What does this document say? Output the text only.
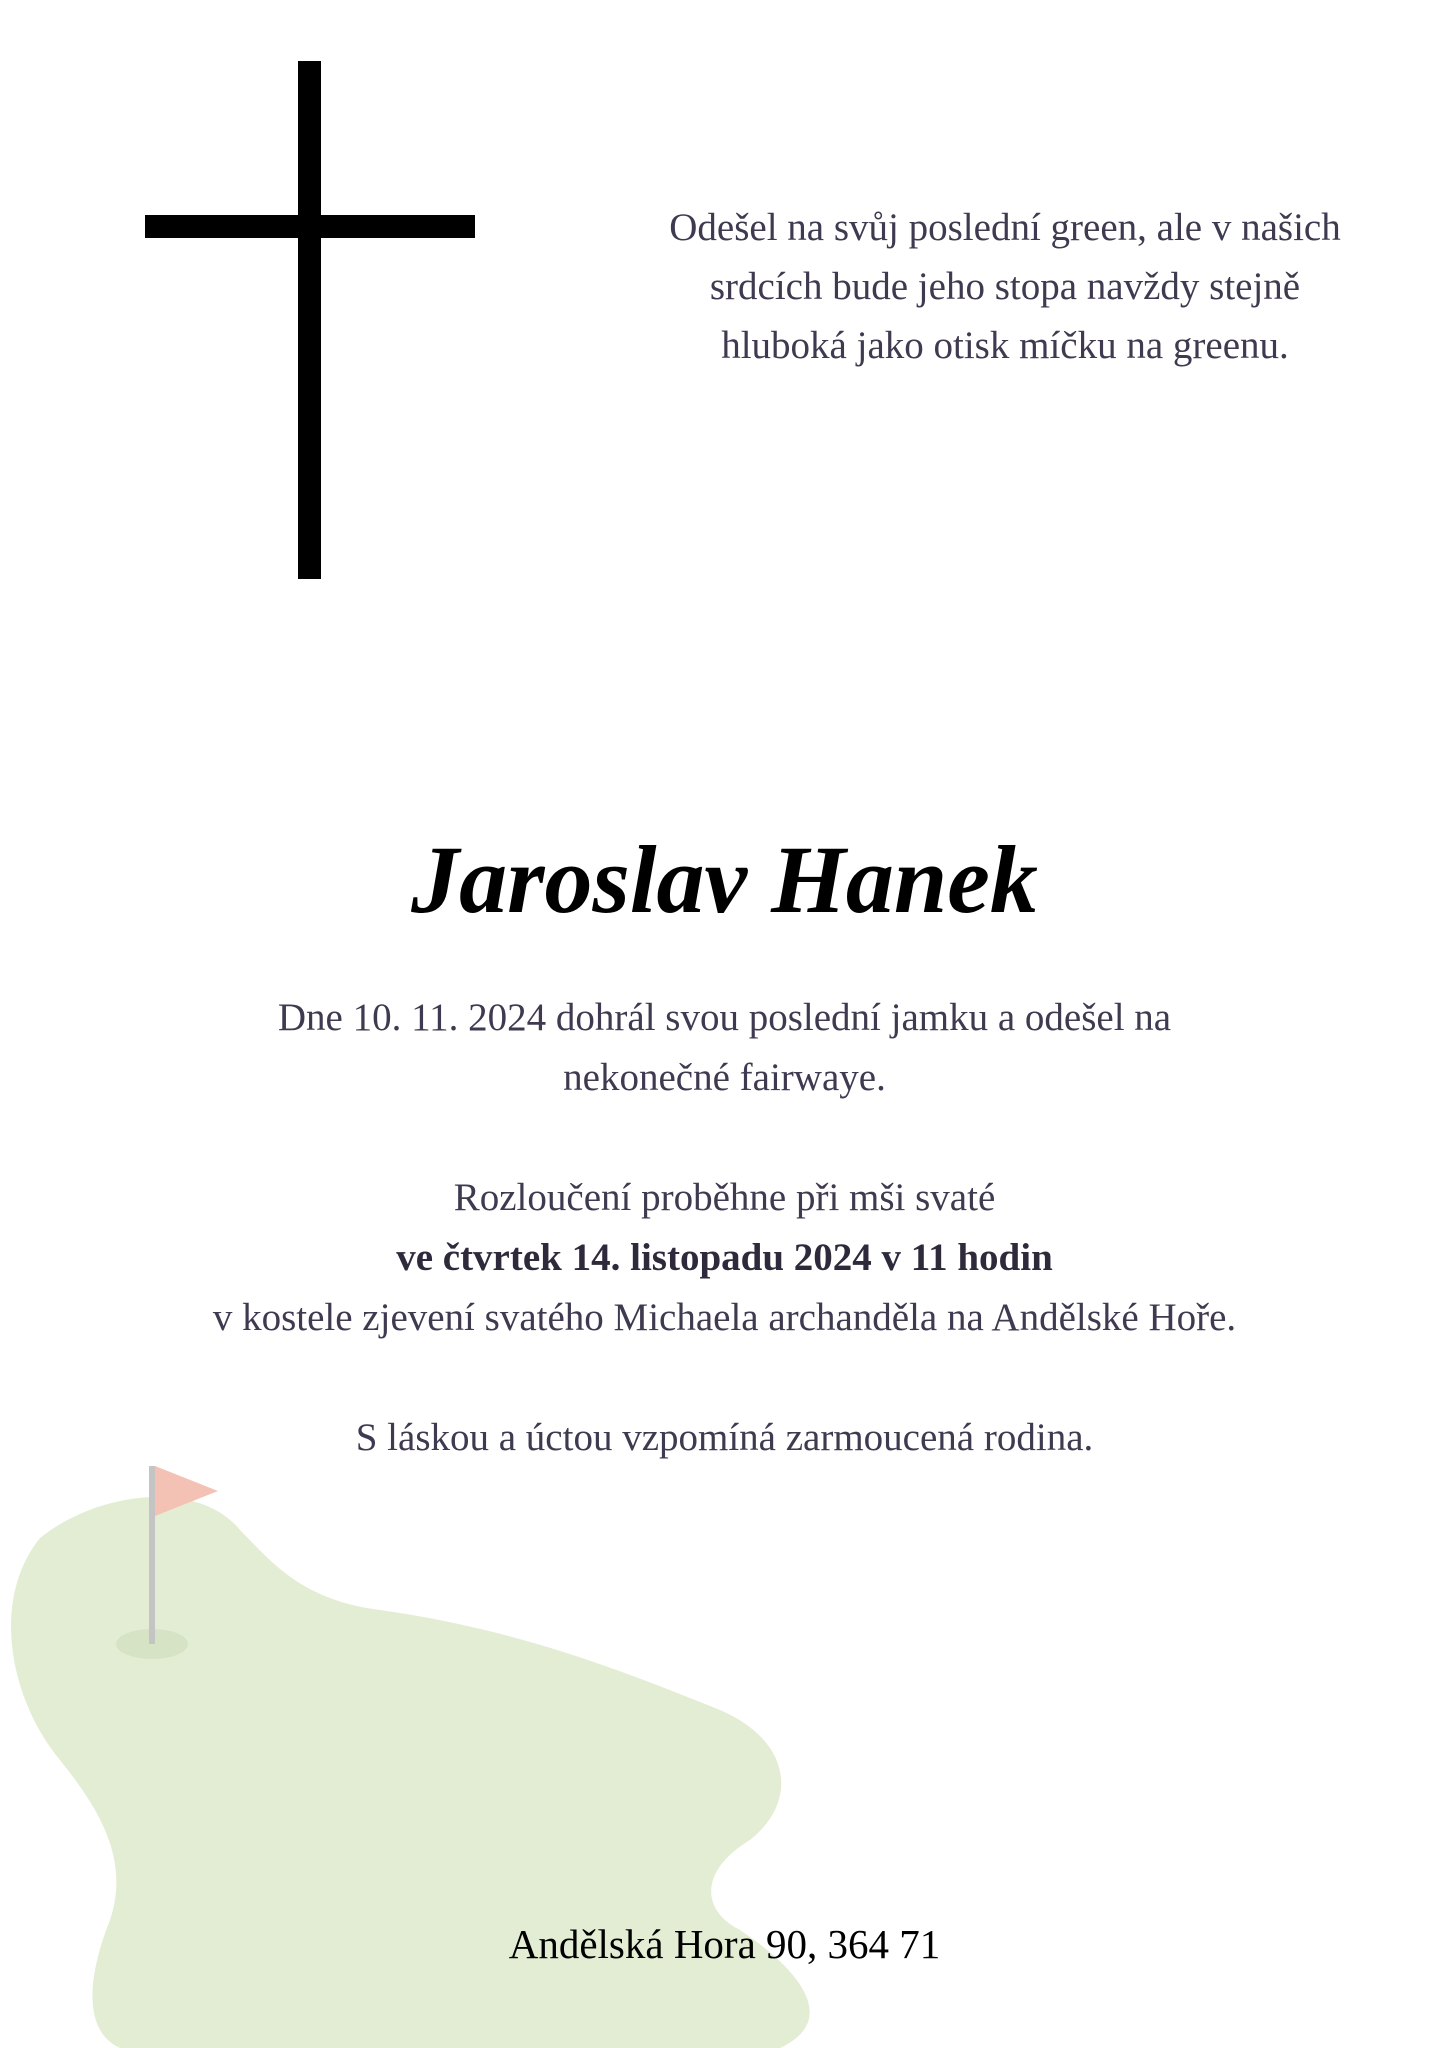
Odešel na svůj poslední green, ale v našich srdcích bude jeho stopa navždy stejně hluboká jako otisk míčku na greenu.

Jaroslav Hanek

Dne 10. 11. 2024 dohrál svou poslední jamku a odešel na

nekonečné fairwaye.

Rozloučení proběhne při mši svaté

ve čtvrtek 14. listopadu 2024 v 11 hodin

v kostele zjevení svatého Michaela archanděla na Andělské Hoře.

S láskou a úctou vzpomíná zarmoucená rodina.

Andělská Hora 90, 364 71
